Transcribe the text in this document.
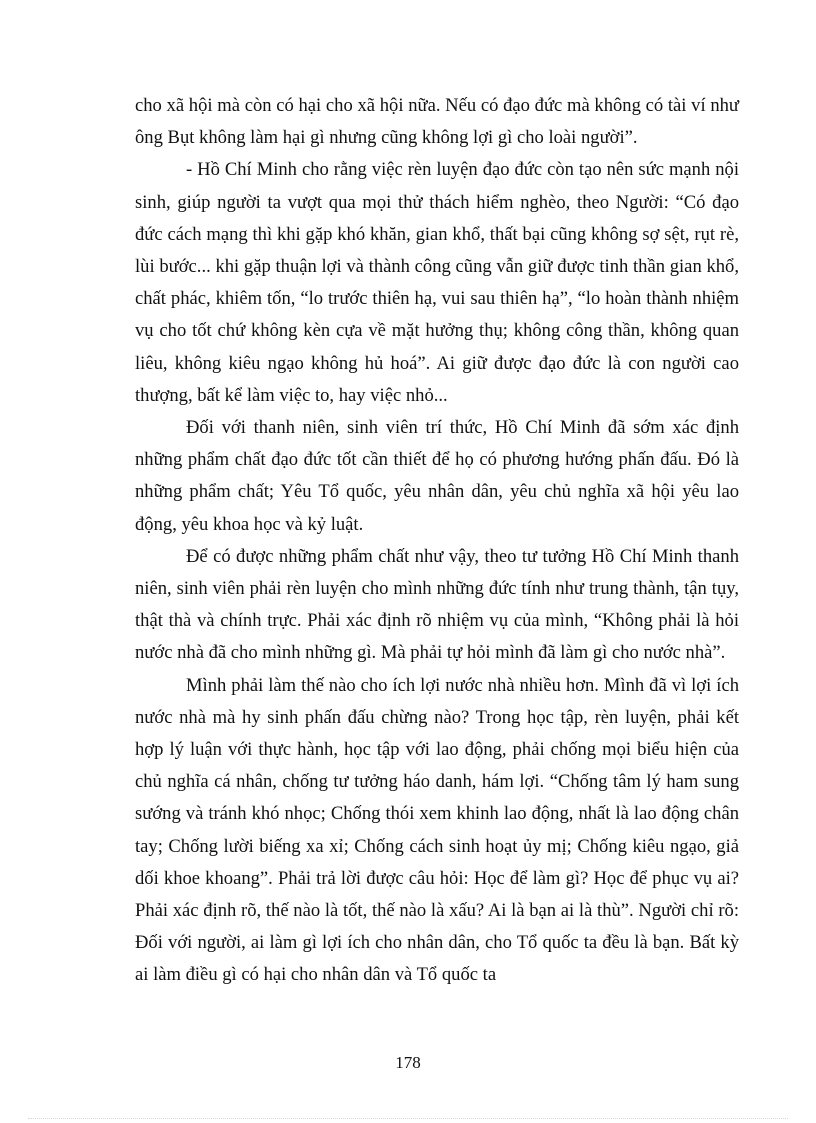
cho xã hội mà còn có hại cho xã hội nữa. Nếu có đạo đức mà không có tài ví như ông Bụt không làm hại gì nhưng cũng không lợi gì cho loài người”.

- Hồ Chí Minh cho rằng việc rèn luyện đạo đức còn tạo nên sức mạnh nội sinh, giúp người ta vượt qua mọi thử thách hiểm nghèo, theo Người: “Có đạo đức cách mạng thì khi gặp khó khăn, gian khổ, thất bại cũng không sợ sệt, rụt rè, lùi bước... khi gặp thuận lợi và thành công cũng vẫn giữ được tinh thần gian khổ, chất phác, khiêm tốn, “lo trước thiên hạ, vui sau thiên hạ”, “lo hoàn thành nhiệm vụ cho tốt chứ không kèn cựa về mặt hưởng thụ; không công thần, không quan liêu, không kiêu ngạo không hủ hoá”. Ai giữ được đạo đức là con người cao thượng, bất kể làm việc to, hay việc nhỏ...

Đối với thanh niên, sinh viên trí thức, Hồ Chí Minh đã sớm xác định những phẩm chất đạo đức tốt cần thiết để họ có phương hướng phấn đấu. Đó là những phẩm chất; Yêu Tổ quốc, yêu nhân dân, yêu chủ nghĩa xã hội yêu lao động, yêu khoa học và kỷ luật.

Để có được những phẩm chất như vậy, theo tư tưởng Hồ Chí Minh thanh niên, sinh viên phải rèn luyện cho mình những đức tính như trung thành, tận tụy, thật thà và chính trực. Phải xác định rõ nhiệm vụ của mình, “Không phải là hỏi nước nhà đã cho mình những gì. Mà phải tự hỏi mình đã làm gì cho nước nhà”.

Mình phải làm thế nào cho ích lợi nước nhà nhiều hơn. Mình đã vì lợi ích nước nhà mà hy sinh phấn đấu chừng nào? Trong học tập, rèn luyện, phải kết hợp lý luận với thực hành, học tập với lao động, phải chống mọi biểu hiện của chủ nghĩa cá nhân, chống tư tưởng háo danh, hám lợi. “Chống tâm lý ham sung sướng và tránh khó nhọc; Chống thói xem khinh lao động, nhất là lao động chân tay; Chống lười biếng xa xỉ; Chống cách sinh hoạt ủy mị; Chống kiêu ngạo, giả dối khoe khoang”. Phải trả lời được câu hỏi: Học để làm gì? Học để phục vụ ai? Phải xác định rõ, thế nào là tốt, thế nào là xấu? Ai là bạn ai là thù”. Người chỉ rõ: Đối với người, ai làm gì lợi ích cho nhân dân, cho Tổ quốc ta đều là bạn. Bất kỳ ai làm điều gì có hại cho nhân dân và Tổ quốc ta

178
